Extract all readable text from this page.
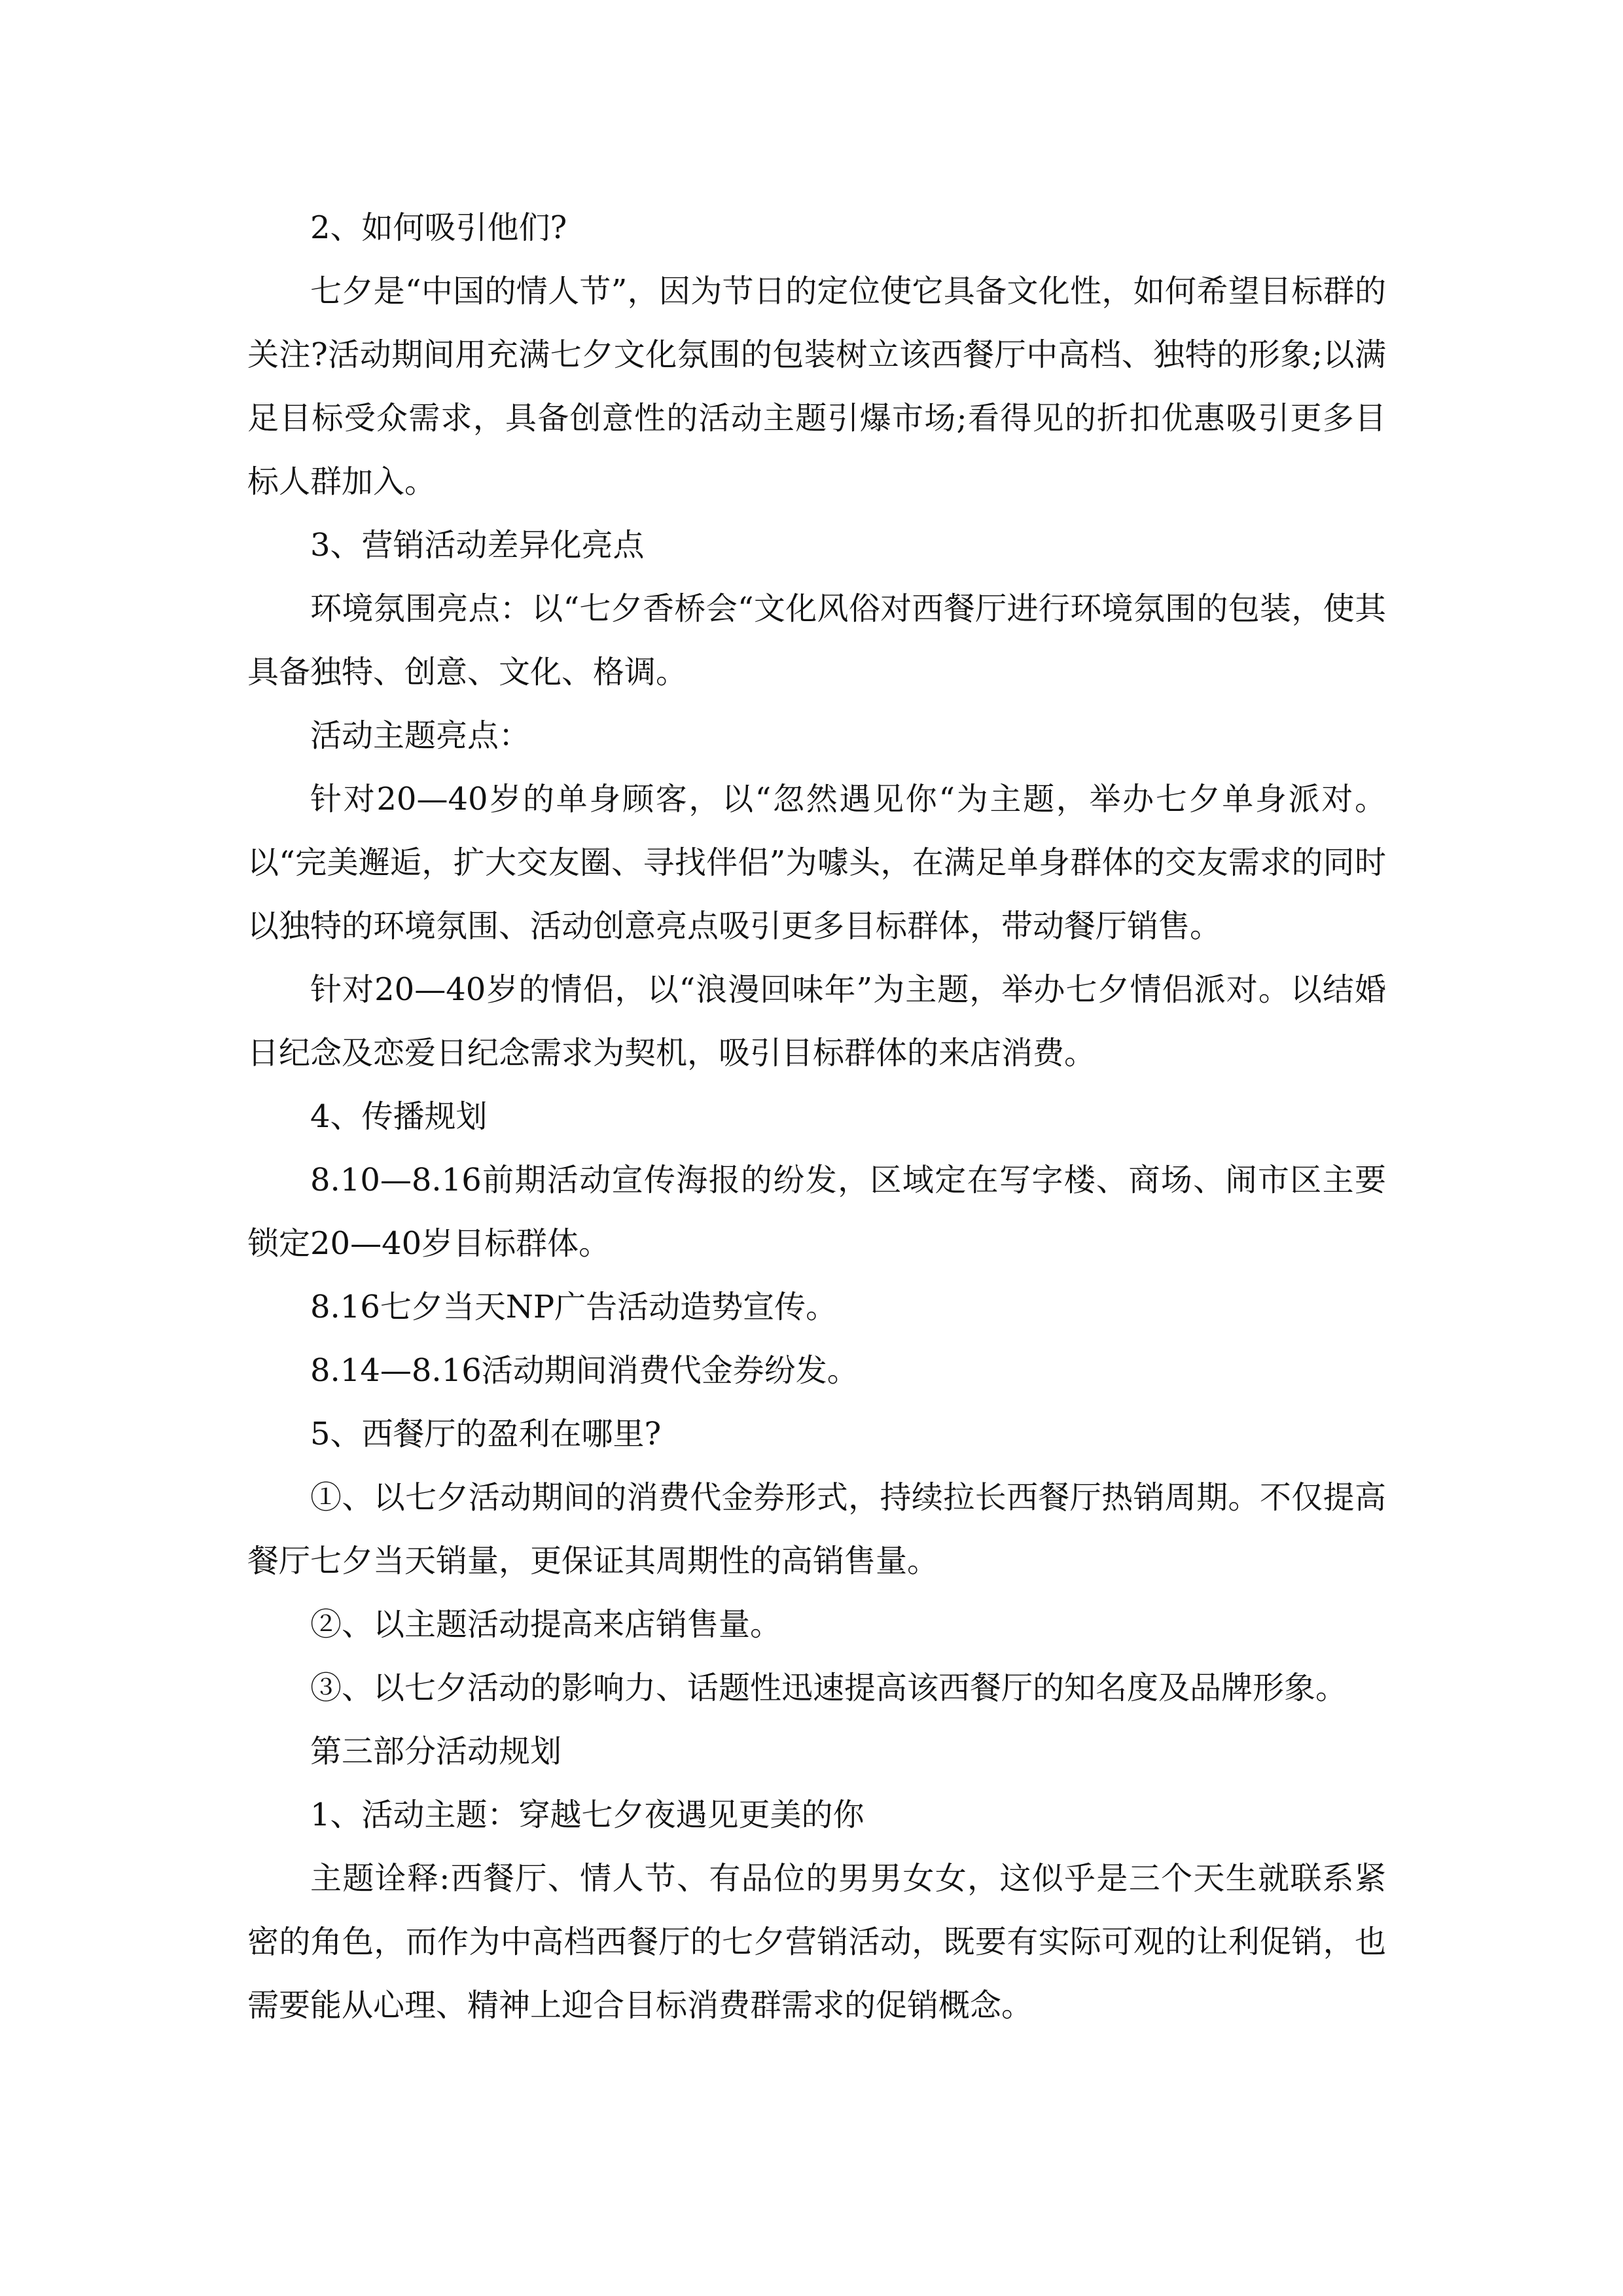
2、如何吸引他们?

七夕是“中国的情人节”，因为节日的定位使它具备文化性，如何希望目标群的关注?活动期间用充满七夕文化氛围的包装树立该西餐厅中高档、独特的形象;以满足目标受众需求，具备创意性的活动主题引爆市场;看得见的折扣优惠吸引更多目标人群加入。

3、营销活动差异化亮点

环境氛围亮点：以“七夕香桥会“文化风俗对西餐厅进行环境氛围的包装，使其具备独特、创意、文化、格调。

活动主题亮点：

针对20—40岁的单身顾客，以“忽然遇见你“为主题，举办七夕单身派对。以“完美邂逅，扩大交友圈、寻找伴侣”为噱头，在满足单身群体的交友需求的同时以独特的环境氛围、活动创意亮点吸引更多目标群体，带动餐厅销售。

针对20—40岁的情侣，以“浪漫回味年”为主题，举办七夕情侣派对。以结婚日纪念及恋爱日纪念需求为契机，吸引目标群体的来店消费。

4、传播规划

8.10—8.16前期活动宣传海报的纷发，区域定在写字楼、商场、闹市区主要锁定20—40岁目标群体。

8.16七夕当天NP广告活动造势宣传。

8.14—8.16活动期间消费代金券纷发。

5、西餐厅的盈利在哪里?

①、以七夕活动期间的消费代金券形式，持续拉长西餐厅热销周期。不仅提高餐厅七夕当天销量，更保证其周期性的高销售量。

②、以主题活动提高来店销售量。

③、以七夕活动的影响力、话题性迅速提高该西餐厅的知名度及品牌形象。

第三部分活动规划

1、活动主题：穿越七夕夜遇见更美的你

主题诠释:西餐厅、情人节、有品位的男男女女，这似乎是三个天生就联系紧密的角色，而作为中高档西餐厅的七夕营销活动，既要有实际可观的让利促销，也需要能从心理、精神上迎合目标消费群需求的促销概念。
